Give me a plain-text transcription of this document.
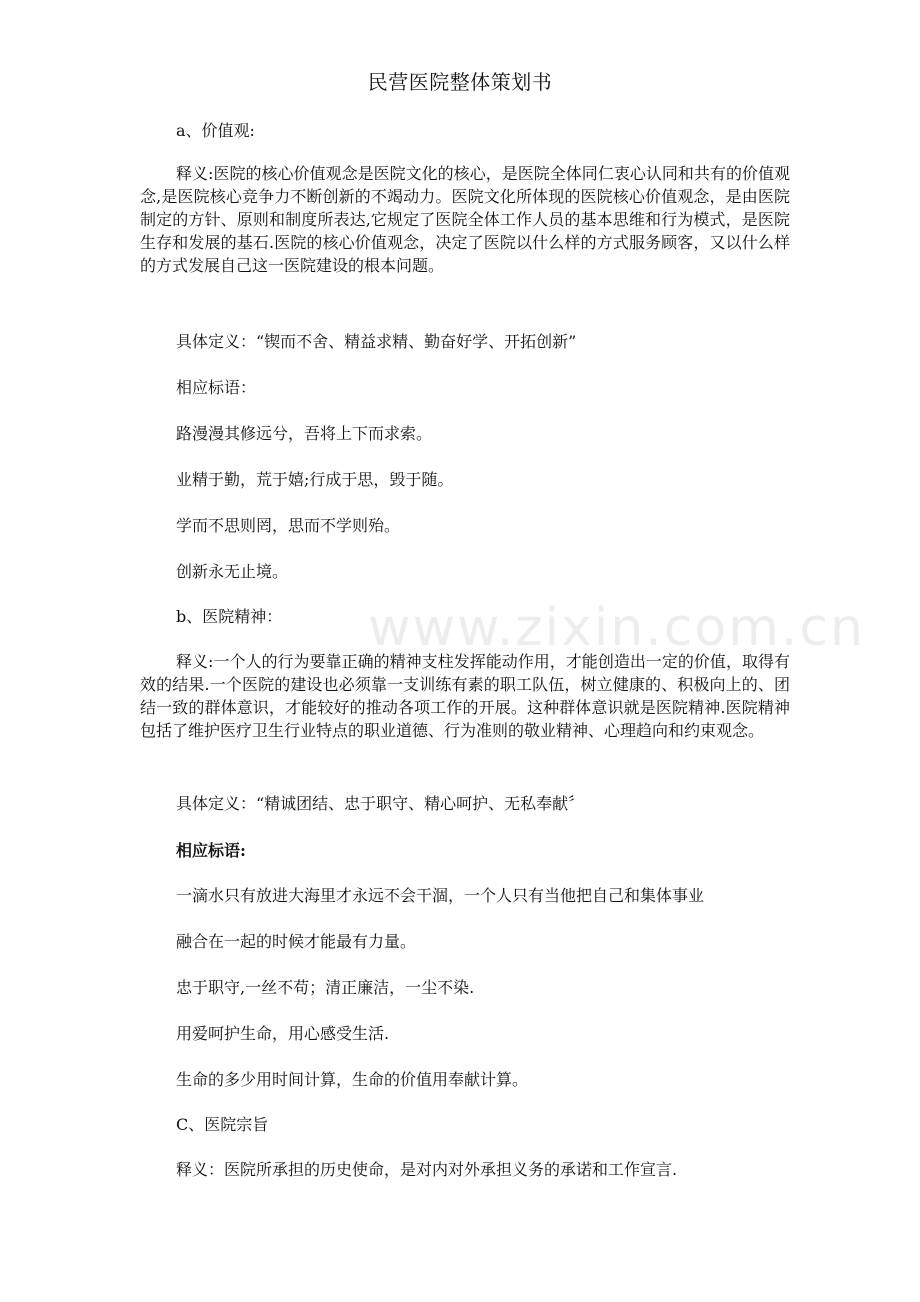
www.zixin.com.cn
民营医院整体策划书
a、价值观:
释义:医院的核心价值观念是医院文化的核心，是医院全体同仁衷心认同和共有的价值观念,是医院核心竞争力不断创新的不竭动力。医院文化所体现的医院核心价值观念，是由医院制定的方针、原则和制度所表达,它规定了医院全体工作人员的基本思维和行为模式，是医院生存和发展的基石.医院的核心价值观念，决定了医院以什么样的方式服务顾客，又以什么样的方式发展自己这一医院建设的根本问题。
具体定义：“锲而不舍、精益求精、勤奋好学、开拓创新”
相应标语：
路漫漫其修远兮，吾将上下而求索。
业精于勤，荒于嬉;行成于思，毁于随。
学而不思则罔，思而不学则殆。
创新永无止境。
b、医院精神：
释义:一个人的行为要靠正确的精神支柱发挥能动作用，才能创造出一定的价值，取得有效的结果.一个医院的建设也必须靠一支训练有素的职工队伍，树立健康的、积极向上的、团结一致的群体意识，才能较好的推动各项工作的开展。这种群体意识就是医院精神.医院精神包括了维护医疗卫生行业特点的职业道德、行为准则的敬业精神、心理趋向和约束观念。
具体定义：“精诚团结、忠于职守、精心呵护、无私奉献〞
相应标语:
一滴水只有放进大海里才永远不会干涸，一个人只有当他把自己和集体事业
融合在一起的时候才能最有力量。
忠于职守,一丝不苟；清正廉洁，一尘不染.
用爱呵护生命，用心感受生活.
生命的多少用时间计算，生命的价值用奉献计算。
C、医院宗旨
释义：医院所承担的历史使命，是对内对外承担义务的承诺和工作宣言.
